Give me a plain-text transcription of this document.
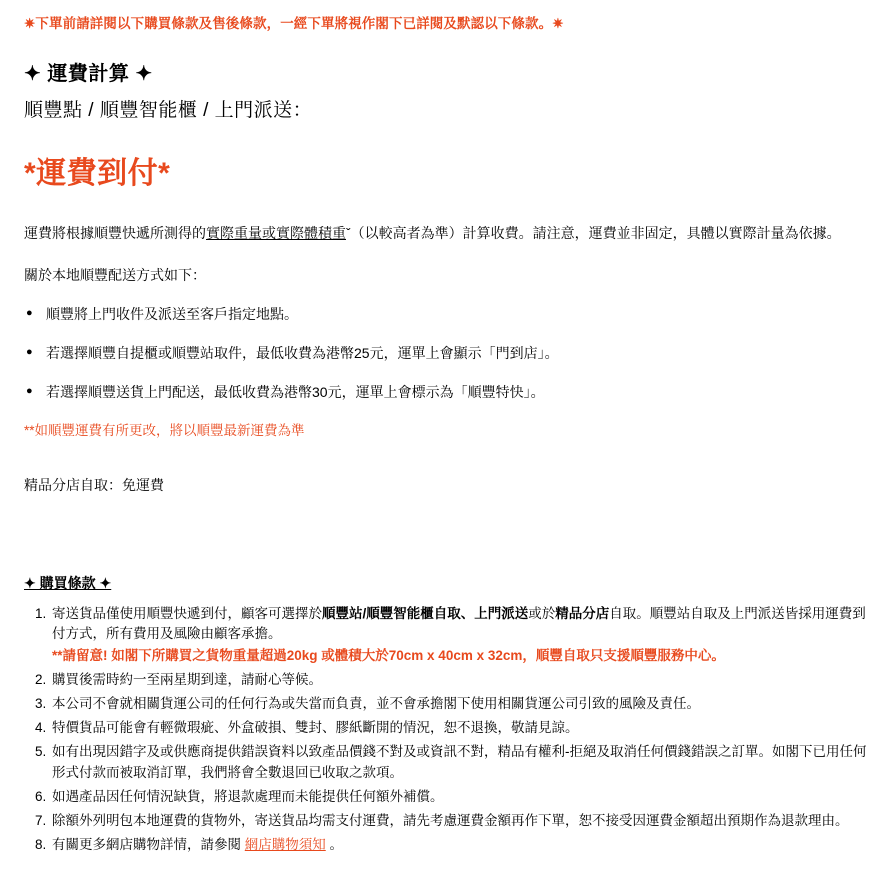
✷下單前請詳閱以下購買條款及售後條款，一經下單將視作閣下已詳閱及默認以下條款。✷
✦ 運費計算 ✦
順豐點 / 順豐智能櫃 / 上門派送：
*運費到付*

運費將根據順豐快遞所測得的實際重量或實際體積重ˇ（以較高者為準）計算收費。請注意，運費並非固定，具體以實際計量為依據。

關於本地順豐配送方式如下：

● 順豐將上門收件及派送至客戶指定地點。
● 若選擇順豐自提櫃或順豐站取件，最低收費為港幣25元，運單上會顯示「門到店」。
● 若選擇順豐送貨上門配送，最低收費為港幣30元，運單上會標示為「順豐特快」。
**如順豐運費有所更改，將以順豐最新運費為準
精品分店自取：免運費
✦ 購買條款 ✦
1. 寄送貨品僅使用順豐快遞到付，顧客可選擇於順豐站/順豐智能櫃自取、上門派送或於精品分店自取。順豐站自取及上門派送皆採用運費到付方式，所有費用及風險由顧客承擔。
**請留意! 如閣下所購買之貨物重量超過20kg 或體積大於70cm x 40cm x 32cm，順豐自取只支援順豐服務中心。
2. 購買後需時約一至兩星期到達，請耐心等候。
3. 本公司不會就相關貨運公司的任何行為或失當而負責，並不會承擔閣下使用相關貨運公司引致的風險及責任。
4. 特價貨品可能會有輕微瑕疵、外盒破損、雙封、膠紙斷開的情況，恕不退換，敬請見諒。
5. 如有出現因錯字及或供應商提供錯誤資料以致產品價錢不對及或資訊不對，精品有權利-拒絕及取消任何價錢錯誤之訂單。如閣下已用任何形式付款而被取消訂單，我們將會全數退回已收取之款項。
6. 如遇產品因任何情況缺貨，將退款處理而未能提供任何額外補償。
7. 除額外列明包本地運費的貨物外，寄送貨品均需支付運費，請先考慮運費金額再作下單，恕不接受因運費金額超出預期作為退款理由。
8. 有關更多網店購物詳情，請參閱 網店購物須知 。
